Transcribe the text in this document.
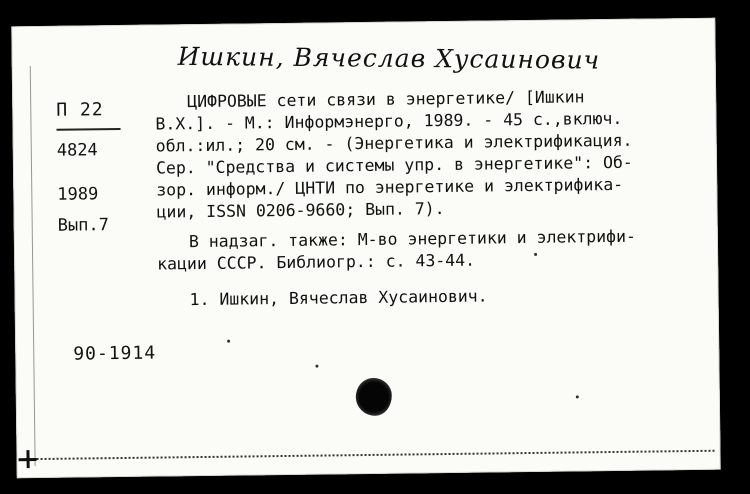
Ишкин, Вячеслав Хусаинович
П 22
4824
1989
Вып.7
ЦИФРОВЫЕ сети связи в энергетике/ [Ишкин
В.Х.]. - М.: Информэнерго, 1989. - 45 с.,включ.
обл.:ил.; 20 см. - (Энергетика и электрификация.
Сер. "Средства и системы упр. в энергетике": Об-
зор. информ./ ЦНТИ по энергетике и электрифика-
ции, ISSN 0206-9660; Вып. 7).
В надзаг. также: М-во энергетики и электрифи-
кации СССР. Библиогр.: с. 43-44.
1. Ишкин, Вячеслав Хусаинович.
90-1914
